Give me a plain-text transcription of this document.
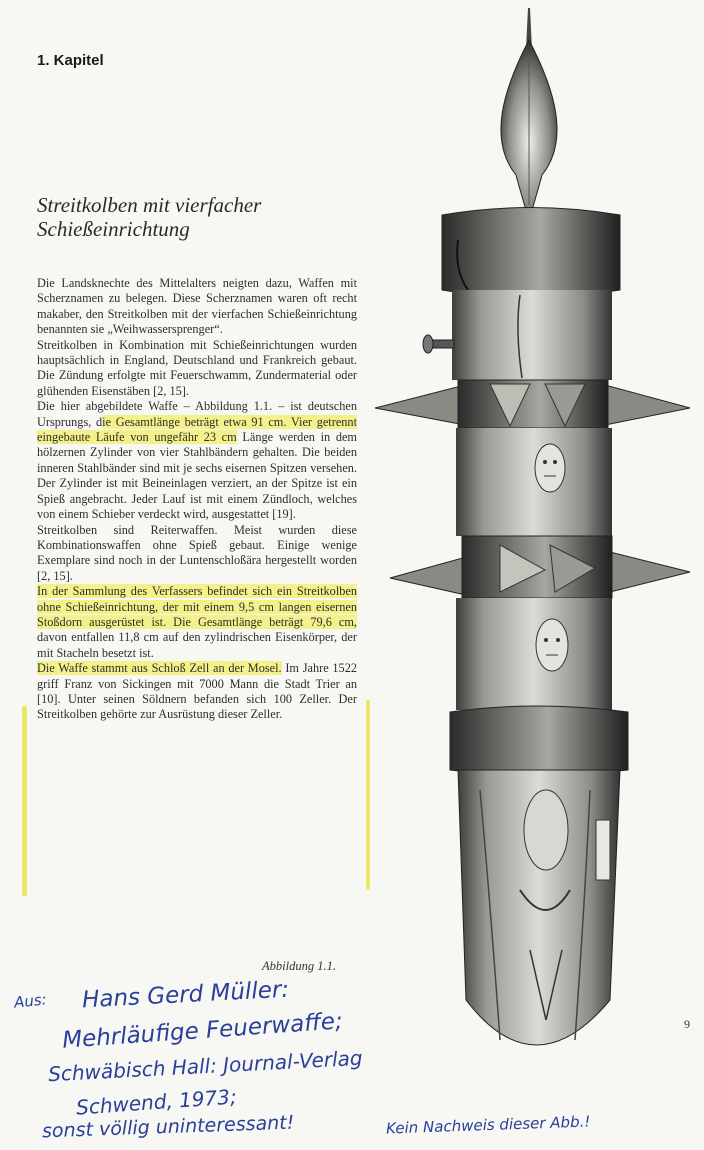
1. Kapitel
Streitkolben mit vierfacher
Schießeinrichtung

Die Landsknechte des Mittelalters neigten dazu, Waffen mit Scherznamen zu belegen. Diese Scherznamen waren oft recht makaber, den Streitkolben mit der vierfachen Schießeinrichtung benannten sie „Weihwassersprenger“.

Streitkolben in Kombination mit Schießeinrichtungen wurden hauptsächlich in England, Deutschland und Frankreich gebaut. Die Zündung erfolgte mit Feuerschwamm, Zundermaterial oder glühenden Eisenstäben [2, 15].

Die hier abgebildete Waffe – Abbildung 1.1. – ist deutschen Ursprungs, die Gesamtlänge beträgt etwa 91 cm. Vier getrennt eingebaute Läufe von ungefähr 23 cm Länge werden in dem hölzernen Zylinder von vier Stahlbändern gehalten. Die beiden inneren Stahlbänder sind mit je sechs eisernen Spitzen versehen. Der Zylinder ist mit Beineinlagen verziert, an der Spitze ist ein Spieß angebracht. Jeder Lauf ist mit einem Zündloch, welches von einem Schieber verdeckt wird, ausgestattet [19].

Streitkolben sind Reiterwaffen. Meist wurden diese Kombinationswaffen ohne Spieß gebaut. Einige wenige Exemplare sind noch in der Luntenschloßära hergestellt worden [2, 15].

In der Sammlung des Verfassers befindet sich ein Streitkolben ohne Schießeinrichtung, der mit einem 9,5 cm langen eisernen Stoßdorn ausgerüstet ist. Die Gesamtlänge beträgt 79,6 cm, davon entfallen 11,8 cm auf den zylindrischen Eisenkörper, der mit Stacheln besetzt ist.

Die Waffe stammt aus Schloß Zell an der Mosel. Im Jahre 1522 griff Franz von Sickingen mit 7000 Mann die Stadt Trier an [10]. Unter seinen Söldnern befanden sich 100 Zeller. Der Streitkolben gehörte zur Ausrüstung dieser Zeller.

Abbildung 1.1.
9
Aus: Hans Gerd Müller:
Mehrläufige Feuerwaffe;
Schwäbisch Hall: Journal-Verlag
Schwend, 1973;
sonst völlig uninteressant!	Kein Nachweis dieser Abb.!
